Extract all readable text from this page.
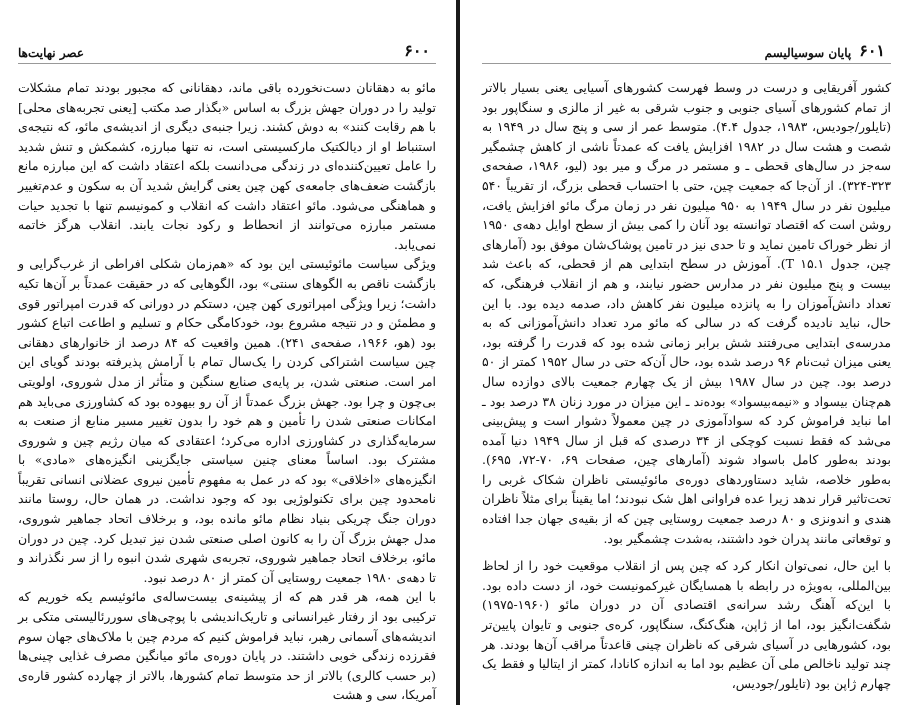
عصر نهایت‌ها	۶۰۰

مائو به دهقانان دست‌نخورده باقی ماند، دهقانانی که مجبور بودند تمام مشکلات تولید را در دوران جهش بزرگ به اساس «بگذار صد مکتب [یعنی تجربه‌های محلی] با هم رقابت کنند» به دوش کشند. زیرا جنبه‌ی دیگری از اندیشه‌ی مائو، که نتیجه‌ی استنباط او از دیالکتیک مارکسیستی است، نه تنها مبارزه، کشمکش و تنش شدید را عامل تعیین‌کننده‌ای در زندگی می‌دانست بلکه اعتقاد داشت که این مبارزه مانع بازگشت ضعف‌های جامعه‌ی کهن چین یعنی گرایش شدید آن به سکون و عدم‌تغییر و هماهنگی می‌شود. مائو اعتقاد داشت که انقلاب و کمونیسم تنها با تجدید حیات مستمر مبارزه می‌توانند از انحطاط و رکود نجات یابند. انقلاب هرگز خاتمه نمی‌یابد.

ویژگی سیاست مائوئیستی این بود که «هم‌زمان شکلی افراطی از غرب‌گرایی و بازگشت ناقص به الگوهای سنتی» بود، الگوهایی که در حقیقت عمدتاً بر آن‌ها تکیه داشت؛ زیرا ویژگی امپراتوری کهن چین، دستکم در دورانی که قدرت امپراتور قوی و مطمئن و در نتیجه مشروع بود، خودکامگی حکام و تسلیم و اطاعت اتباع کشور بود (هو، ۱۹۶۶، صفحه‌ی ۲۴۱). همین واقعیت که ۸۴ درصد از خانوارهای دهقانی چین سیاست اشتراکی کردن را یک‌سال تمام با آرامش پذیرفته بودند گویای این امر است. صنعتی شدن، بر پایه‌ی صنایع سنگین و متأثر از مدل شوروی، اولویتی بی‌چون و چرا بود. جهش بزرگ عمدتاً از آن رو بیهوده بود که کشاورزی می‌باید هم امکانات صنعتی شدن را تأمین و هم خود را بدون تغییر مسیر منابع از صنعت به سرمایه‌گذاری در کشاورزی اداره می‌کرد؛ اعتقادی که میان رژیم چین و شوروی مشترک بود. اساساً معنای چنین سیاستی جایگزینی انگیزه‌های «مادی» با انگیزه‌های «اخلاقی» بود که در عمل به مفهوم تأمین نیروی عضلانی انسانی تقریباً نامحدود چین برای تکنولوژیی بود که وجود نداشت. در همان حال، روستا مانند دوران جنگ چریکی بنیاد نظام مائو مانده بود، و برخلاف اتحاد جماهیر شوروی، مدل جهش بزرگ آن را به کانون اصلی صنعتی شدن نیز تبدیل کرد. چین در دوران مائو، برخلاف اتحاد جماهیر شوروی، تجربه‌ی شهری شدن انبوه را از سر نگذراند و تا دهه‌ی ۱۹۸۰ جمعیت روستایی آن کمتر از ۸۰ درصد نبود.

با این همه، هر قدر هم که از پیشینه‌ی بیست‌ساله‌ی مائوئیسم یکه خوریم که ترکیبی بود از رفتار غیرانسانی و تاریک‌اندیشی با پوچی‌های سوررئالیستی متکی بر اندیشه‌های آسمانی رهبر، نباید فراموش کنیم که مردم چین با ملاک‌های جهان سوم فقرزده زندگی خوبی داشتند. در پایان دوره‌ی مائو میانگین مصرف غذایی چینی‌ها (بر حسب کالری) بالاتر از حد متوسط تمام کشورها، بالاتر از چهارده کشور قاره‌ی آمریکا، سی و هشت

پایان سوسیالیسم ۶۰۱

کشور آفریقایی و درست در وسط فهرست کشورهای آسیایی یعنی بسیار بالاتر از تمام کشورهای آسیای جنوبی و جنوب شرقی به غیر از مالزی و سنگاپور بود (تایلور/جودیس، ۱۹۸۳، جدول ۴.۴). متوسط عمر از سی و پنج سال در ۱۹۴۹ به شصت و هشت سال در ۱۹۸۲ افزایش یافت که عمدتاً ناشی از کاهش چشمگیر سه‌جز در سال‌های قحطی ـ و مستمر در مرگ و میر بود (لیو، ۱۹۸۶، صفحه‌ی ۳۲۳-۳۲۴). از آن‌جا که جمعیت چین، حتی با احتساب قحطی بزرگ، از تقریباً ۵۴۰ میلیون نفر در سال ۱۹۴۹ به ۹۵۰ میلیون نفر در زمان مرگ مائو افزایش یافت، روشن است که اقتصاد توانسته بود آنان را کمی بیش از سطح اوایل دهه‌ی ۱۹۵۰ از نظر خوراک تامین نماید و تا حدی نیز در تامین پوشاک‌شان موفق بود (آمارهای چین، جدول ۱۵.۱ T). آموزش در سطح ابتدایی هم از قحطی، که باعث شد بیست و پنج میلیون نفر در مدارس حضور نیابند، و هم از انقلاب فرهنگی، که تعداد دانش‌آموزان را به پانزده میلیون نفر کاهش داد، صدمه دیده بود. با این حال، نباید نادیده گرفت که در سالی که مائو مرد تعداد دانش‌آموزانی که به مدرسه‌ی ابتدایی می‌رفتند شش برابر زمانی شده بود که قدرت را گرفته بود، یعنی میزان ثبت‌نام ۹۶ درصد شده بود، حال آن‌که حتی در سال ۱۹۵۲ کمتر از ۵۰ درصد بود. چین در سال ۱۹۸۷ بیش از یک چهارم جمعیت بالای دوازده سال هم‌چنان بیسواد و «نیمه‌بیسواد» بوده‌ند ـ این میزان در مورد زنان ۳۸ درصد بود ـ اما نباید فراموش کرد که سوادآموزی در چین معمولاً دشوار است و پیش‌بینی می‌شد که فقط نسبت کوچکی از ۳۴ درصدی که قبل از سال ۱۹۴۹ دنیا آمده بودند به‌طور کامل باسواد شوند (آمارهای چین، صفحات ۶۹، ۷۰-۷۲، ۶۹۵). به‌طور خلاصه، شاید دستاوردهای دوره‌ی مائوئیستی ناظران شکاک غربی را تحت‌تاثیر قرار ندهد زیرا عده فراوانی اهل شک نبودند؛ اما یقیناً برای مثلاً ناظران هندی و اندونزی و ۸۰ درصد جمعیت روستایی چین که از بقیه‌ی جهان جدا افتاده و توقعاتی مانند پدران خود داشتند، به‌شدت چشمگیر بود.

با این حال، نمی‌توان انکار کرد که چین پس از انقلاب موقعیت خود را از لحاظ بین‌المللی، به‌ویژه در رابطه با همسایگان غیرکمونیست خود، از دست داده بود. با این‌که آهنگ رشد سرانه‌ی اقتصادی آن در دوران مائو (۱۹۶۰-۱۹۷۵) شگفت‌انگیز بود، اما از ژاپن، هنگ‌کنگ، سنگاپور، کره‌ی جنوبی و تایوان پایین‌تر بود، کشورهایی در آسیای شرقی که ناظران چینی قاعدتاً مراقب آن‌ها بودند. هر چند تولید ناخالص ملی آن عظیم بود اما به اندازه کانادا، کمتر از ایتالیا و فقط یک چهارم ژاپن بود (تایلور/جودیس،
